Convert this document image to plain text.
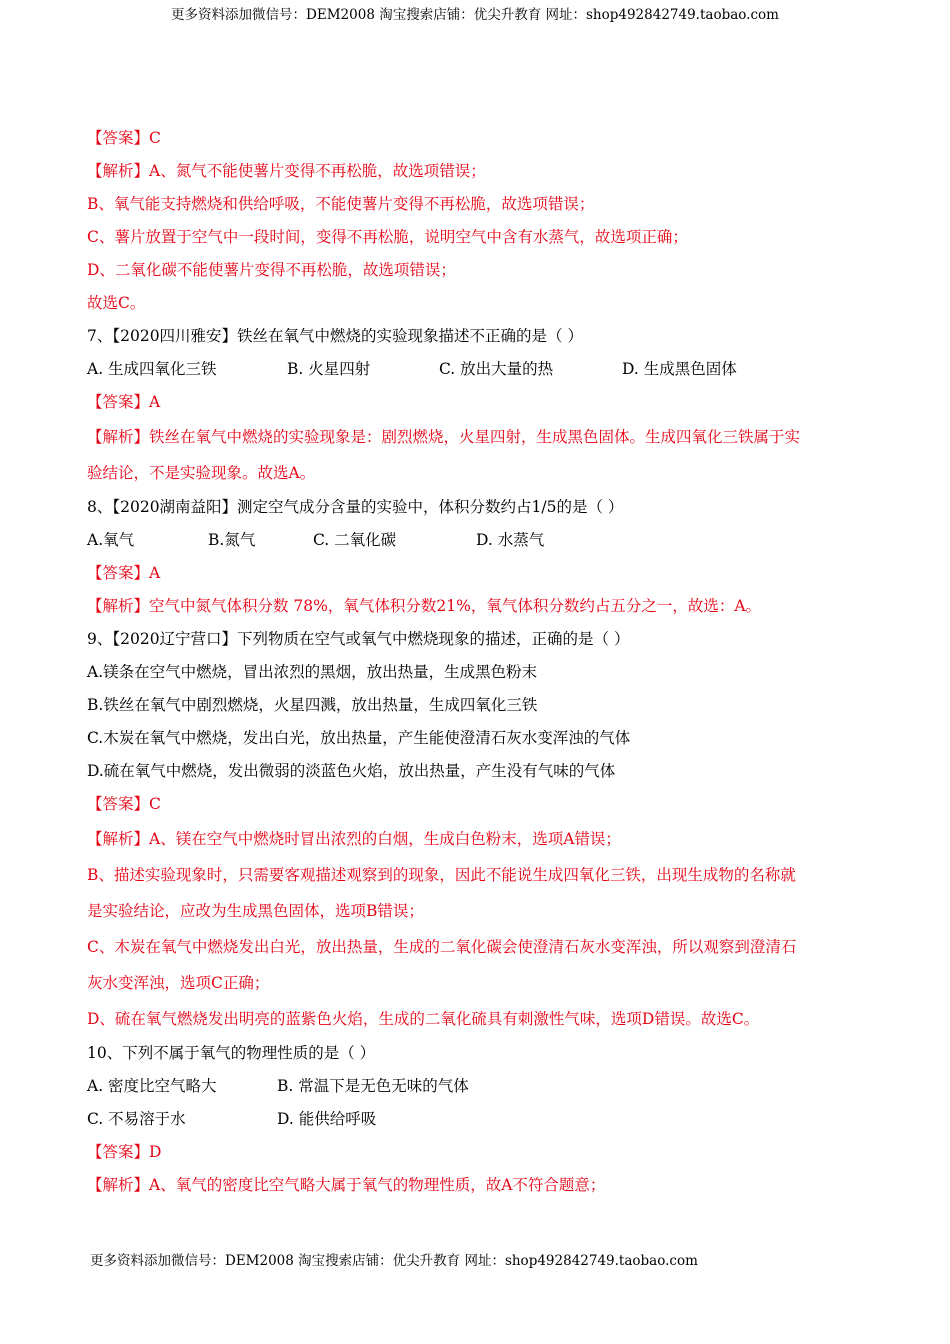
更多资料添加微信号：DEM2008 淘宝搜索店铺：优尖升教育 网址：shop492842749.taobao.com
【答案】C
【解析】A、氮气不能使薯片变得不再松脆，故选项错误；
B、氧气能支持燃烧和供给呼吸，不能使薯片变得不再松脆，故选项错误；
C、薯片放置于空气中一段时间，变得不再松脆，说明空气中含有水蒸气，故选项正确；
D、二氧化碳不能使薯片变得不再松脆，故选项错误；
故选C。
7、【2020四川雅安】铁丝在氧气中燃烧的实验现象描述不正确的是（ ）
A. 生成四氧化三铁	B. 火星四射	C. 放出大量的热	D. 生成黑色固体
【答案】A
【解析】铁丝在氧气中燃烧的实验现象是：剧烈燃烧，火星四射，生成黑色固体。生成四氧化三铁属于实
验结论，不是实验现象。故选A。
8、【2020湖南益阳】测定空气成分含量的实验中，体积分数约占1/5的是（ ）
A.氧气	B.氮气	C. 二氧化碳	D. 水蒸气
【答案】A
【解析】空气中氮气体积分数 78%，氧气体积分数21%，氧气体积分数约占五分之一，故选：A。
9、【2020辽宁营口】下列物质在空气或氧气中燃烧现象的描述，正确的是（ ）
A.镁条在空气中燃烧，冒出浓烈的黑烟，放出热量，生成黑色粉末
B.铁丝在氧气中剧烈燃烧，火星四溅，放出热量，生成四氧化三铁
C.木炭在氧气中燃烧，发出白光，放出热量，产生能使澄清石灰水变浑浊的气体
D.硫在氧气中燃烧，发出微弱的淡蓝色火焰，放出热量，产生没有气味的气体
【答案】C
【解析】A、镁在空气中燃烧时冒出浓烈的白烟，生成白色粉末，选项A错误；
B、描述实验现象时，只需要客观描述观察到的现象，因此不能说生成四氧化三铁，出现生成物的名称就
是实验结论，应改为生成黑色固体，选项B错误；
C、木炭在氧气中燃烧发出白光，放出热量，生成的二氧化碳会使澄清石灰水变浑浊，所以观察到澄清石
灰水变浑浊，选项C正确；
D、硫在氧气燃烧发出明亮的蓝紫色火焰，生成的二氧化硫具有刺激性气味，选项D错误。故选C。
10、下列不属于氧气的物理性质的是（ ）
A. 密度比空气略大	B. 常温下是无色无味的气体
C. 不易溶于水	D. 能供给呼吸
【答案】D
【解析】A、氧气的密度比空气略大属于氧气的物理性质，故A不符合题意；
更多资料添加微信号：DEM2008 淘宝搜索店铺：优尖升教育 网址：shop492842749.taobao.com
